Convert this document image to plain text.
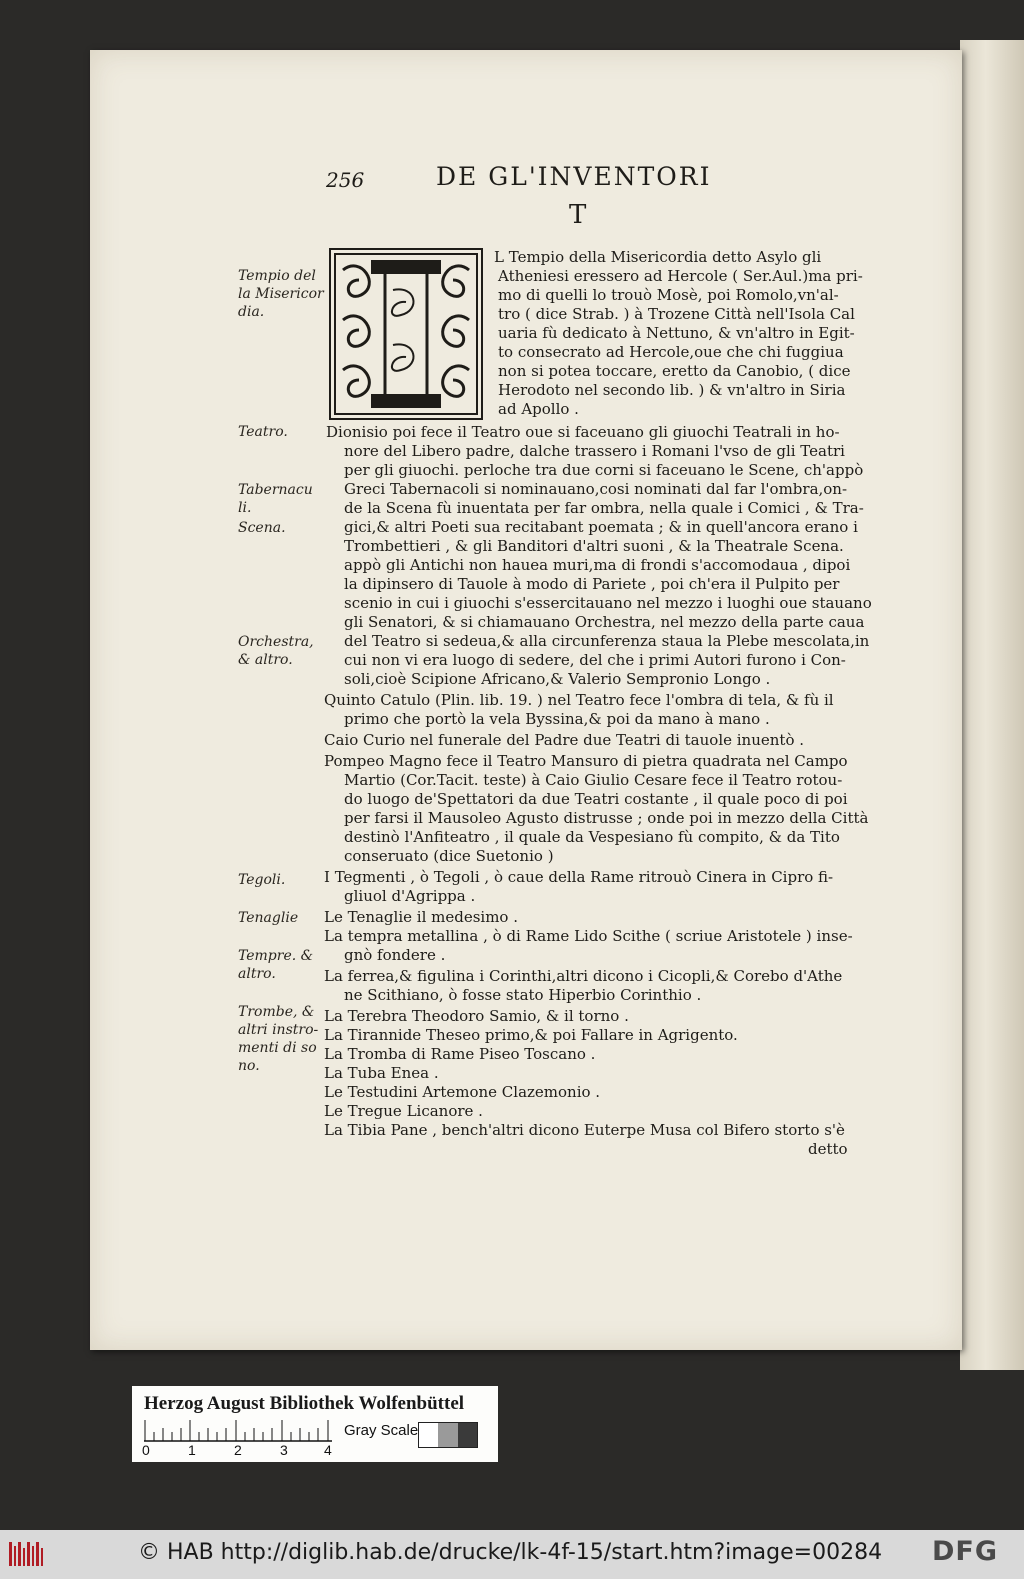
256	DE GL'INVENTORI
T
Tempio del la Misericor dia.
Teatro.
Tabernacu li.
Scena.
Orchestra, & altro.
Tegoli.
Tenaglie
Tempre. & altro.
Trombe, & altri instro- menti di so no.
L Tempio della Misericordia detto Asylo gli
Atheniesi eressero ad Hercole ( Ser.Aul.)ma pri-
mo di quelli lo trouò Mosè, poi Romolo,vn'al-
tro ( dice Strab. ) à Trozene Città nell'Isola Cal
uaria fù dedicato à Nettuno, & vn'altro in Egit-
to consecrato ad Hercole,oue che chi fuggiua
non si potea toccare, eretto da Canobio, ( dice
Herodoto nel secondo lib. ) & vn'altro in Siria
ad Apollo .
Dionisio poi fece il Teatro oue si faceuano gli giuochi Teatrali in ho-
nore del Libero padre, dalche trassero i Romani l'vso de gli Teatri
per gli giuochi. perloche tra due corni si faceuano le Scene, ch'appò
Greci Tabernacoli si nominauano,cosi nominati dal far l'ombra,on-
de la Scena fù inuentata per far ombra, nella quale i Comici , & Tra-
gici,& altri Poeti sua recitabant poemata ; & in quell'ancora erano i
Trombettieri , & gli Banditori d'altri suoni , & la Theatrale Scena.
appò gli Antichi non hauea muri,ma di frondi s'accomodaua , dipoi
la dipinsero di Tauole à modo di Pariete , poi ch'era il Pulpito per
scenio in cui i giuochi s'essercitauano nel mezzo i luoghi oue stauano
gli Senatori, & si chiamauano Orchestra, nel mezzo della parte caua
del Teatro si sedeua,& alla circunferenza staua la Plebe mescolata,in
cui non vi era luogo di sedere, del che i primi Autori furono i Con-
soli,cioè Scipione Africano,& Valerio Sempronio Longo .
Quinto Catulo (Plin. lib. 19. ) nel Teatro fece l'ombra di tela, & fù il
primo che portò la vela Byssina,& poi da mano à mano .
Caio Curio nel funerale del Padre due Teatri di tauole inuentò .
Pompeo Magno fece il Teatro Mansuro di pietra quadrata nel Campo
Martio (Cor.Tacit. teste) à Caio Giulio Cesare fece il Teatro rotou-
do luogo de'Spettatori da due Teatri costante , il quale poco di poi
per farsi il Mausoleo Agusto distrusse ; onde poi in mezzo della Città
destinò l'Anfiteatro , il quale da Vespesiano fù compito, & da Tito
conseruato (dice Suetonio )
I Tegmenti , ò Tegoli , ò caue della Rame ritrouò Cinera in Cipro fi-
gliuol d'Agrippa .
Le Tenaglie il medesimo .
La tempra metallina , ò di Rame Lido Scithe ( scriue Aristotele ) inse-
gnò fondere .
La ferrea,& figulina i Corinthi,altri dicono i Cicopli,& Corebo d'Athe
ne Scithiano, ò fosse stato Hiperbio Corinthio .
La Terebra Theodoro Samio, & il torno .
La Tirannide Theseo primo,& poi Fallare in Agrigento.
La Tromba di Rame Piseo Toscano .
La Tuba Enea .
Le Testudini Artemone Clazemonio .
Le Tregue Licanore .
La Tibia Pane , bench'altri dicono Euterpe Musa col Bifero storto s'è
detto
Herzog August Bibliothek Wolfenbüttel
0	1	2	3	4
Gray Scale
© HAB http://diglib.hab.de/drucke/lk-4f-15/start.htm?image=00284 DFG
